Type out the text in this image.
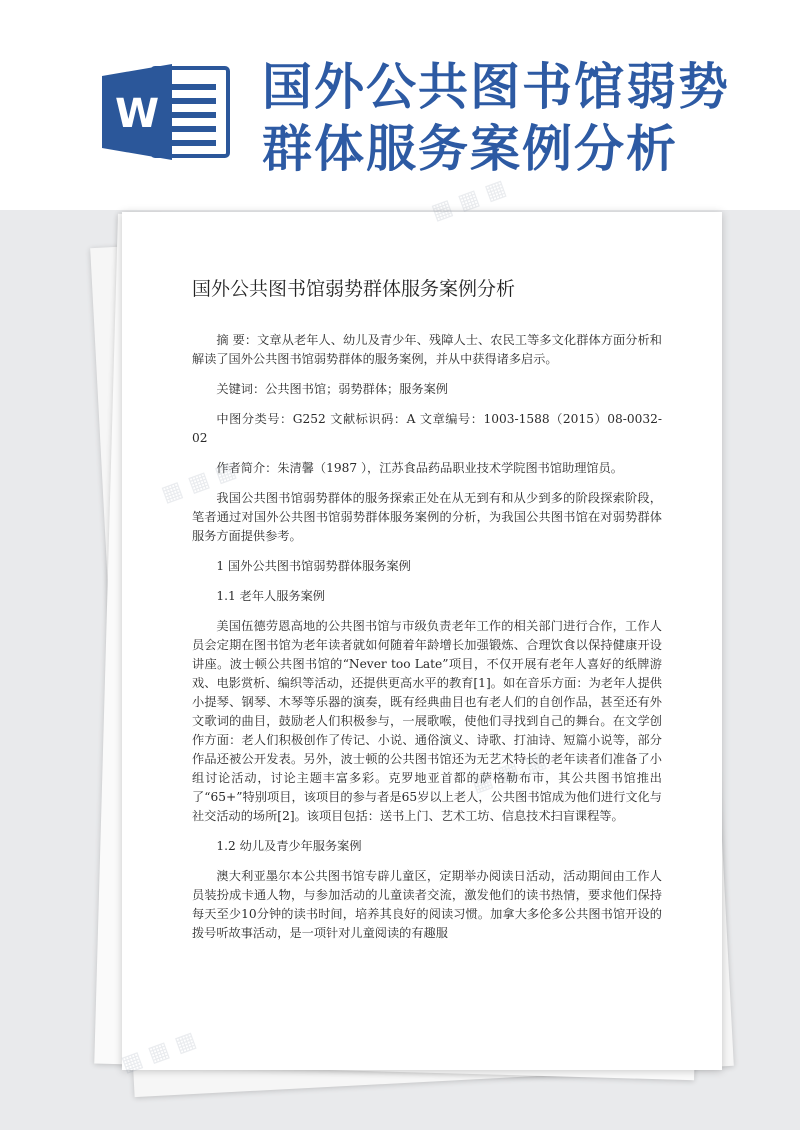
W 国外公共图书馆弱势群体服务案例分析
国外公共图书馆弱势群体服务案例分析

摘 要：文章从老年人、幼儿及青少年、残障人士、农民工等多文化群体方面分析和解读了国外公共图书馆弱势群体的服务案例，并从中获得诸多启示。

关键词：公共图书馆；弱势群体；服务案例

中图分类号：G252 文献标识码：A 文章编号：1003-1588（2015）08-0032-02

作者简介：朱清馨（1987 ），江苏食品药品职业技术学院图书馆助理馆员。

我国公共图书馆弱势群体的服务探索正处在从无到有和从少到多的阶段探索阶段，笔者通过对国外公共图书馆弱势群体服务案例的分析，为我国公共图书馆在对弱势群体服务方面提供参考。

1 国外公共图书馆弱势群体服务案例

1.1 老年人服务案例

美国伍德劳恩高地的公共图书馆与市级负责老年工作的相关部门进行合作，工作人员会定期在图书馆为老年读者就如何随着年龄增长加强锻炼、合理饮食以保持健康开设讲座。波士顿公共图书馆的“Never too Late”项目，不仅开展有老年人喜好的纸牌游戏、电影赏析、编织等活动，还提供更高水平的教育[1]。如在音乐方面：为老年人提供小提琴、钢琴、木琴等乐器的演奏，既有经典曲目也有老人们的自创作品，甚至还有外文歌词的曲目，鼓励老人们积极参与，一展歌喉，使他们寻找到自己的舞台。在文学创作方面：老人们积极创作了传记、小说、通俗演义、诗歌、打油诗、短篇小说等，部分作品还被公开发表。另外，波士顿的公共图书馆还为无艺术特长的老年读者们准备了小组讨论活动，讨论主题丰富多彩。克罗地亚首都的萨格勒布市，其公共图书馆推出了“65+”特别项目，该项目的参与者是65岁以上老人，公共图书馆成为他们进行文化与社交活动的场所[2]。该项目包括：送书上门、艺术工坊、信息技术扫盲课程等。

1.2 幼儿及青少年服务案例

澳大利亚墨尔本公共图书馆专辟儿童区，定期举办阅读日活动，活动期间由工作人员装扮成卡通人物，与参加活动的儿童读者交流，激发他们的读书热情，要求他们保持每天至少10分钟的读书时间，培养其良好的阅读习惯。加拿大多伦多公共图书馆开设的拨号听故事活动，是一项针对儿童阅读的有趣服
